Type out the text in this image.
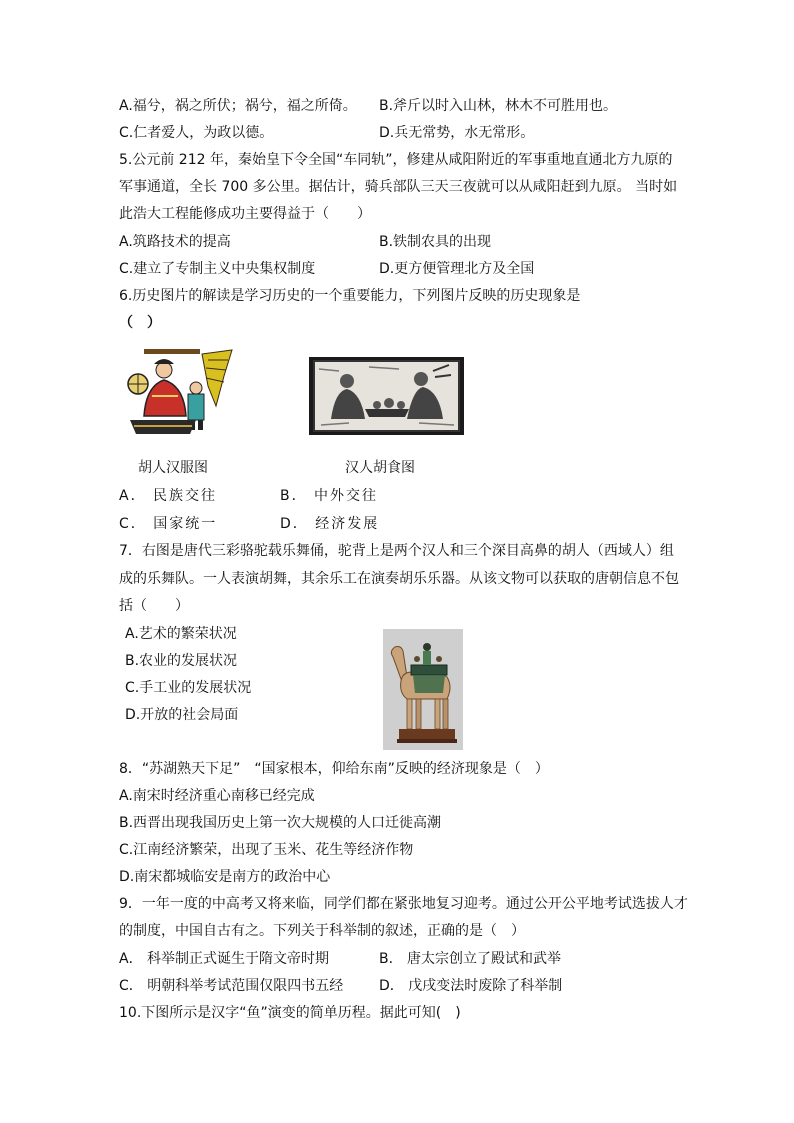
A.福兮，祸之所伏；祸兮，福之所倚。 B.斧斤以时入山林，林木不可胜用也。
C.仁者爱人，为政以德。	D.兵无常势，水无常形。
5.公元前 212 年，秦始皇下令全国“车同轨”，修建从咸阳附近的军事重地直通北方九原的
军事通道，全长 700 多公里。据估计，骑兵部队三天三夜就可以从咸阳赶到九原。 当时如
此浩大工程能修成功主要得益于（　　）
A.筑路技术的提高	B.铁制农具的出现
C.建立了专制主义中央集权制度	D.更方便管理北方及全国
6.历史图片的解读是学习历史的一个重要能力，下列图片反映的历史现象是
（　）
胡人汉服图	汉人胡食图
A． 民族交往	B． 中外交往
C． 国家统一	D． 经济发展
7．右图是唐代三彩骆驼载乐舞俑，驼背上是两个汉人和三个深目高鼻的胡人（西域人）组
成的乐舞队。一人表演胡舞，其余乐工在演奏胡乐乐器。从该文物可以获取的唐朝信息不包
括（　　）
A.艺术的繁荣状况
B.农业的发展状况
C.手工业的发展状况
D.开放的社会局面
8．“苏湖熟天下足”　“国家根本，仰给东南”反映的经济现象是（　）
A.南宋时经济重心南移已经完成
B.西晋出现我国历史上第一次大规模的人口迁徙高潮
C.江南经济繁荣，出现了玉米、花生等经济作物
D.南宋都城临安是南方的政治中心
9．一年一度的中高考又将来临，同学们都在紧张地复习迎考。通过公开公平地考试选拔人才
的制度，中国自古有之。下列关于科举制的叙述，正确的是（　）
A． 科举制正式诞生于隋文帝时期	B． 唐太宗创立了殿试和武举
C． 明朝科举考试范围仅限四书五经	D． 戊戌变法时废除了科举制
10.下图所示是汉字“鱼”演变的简单历程。据此可知(　)
